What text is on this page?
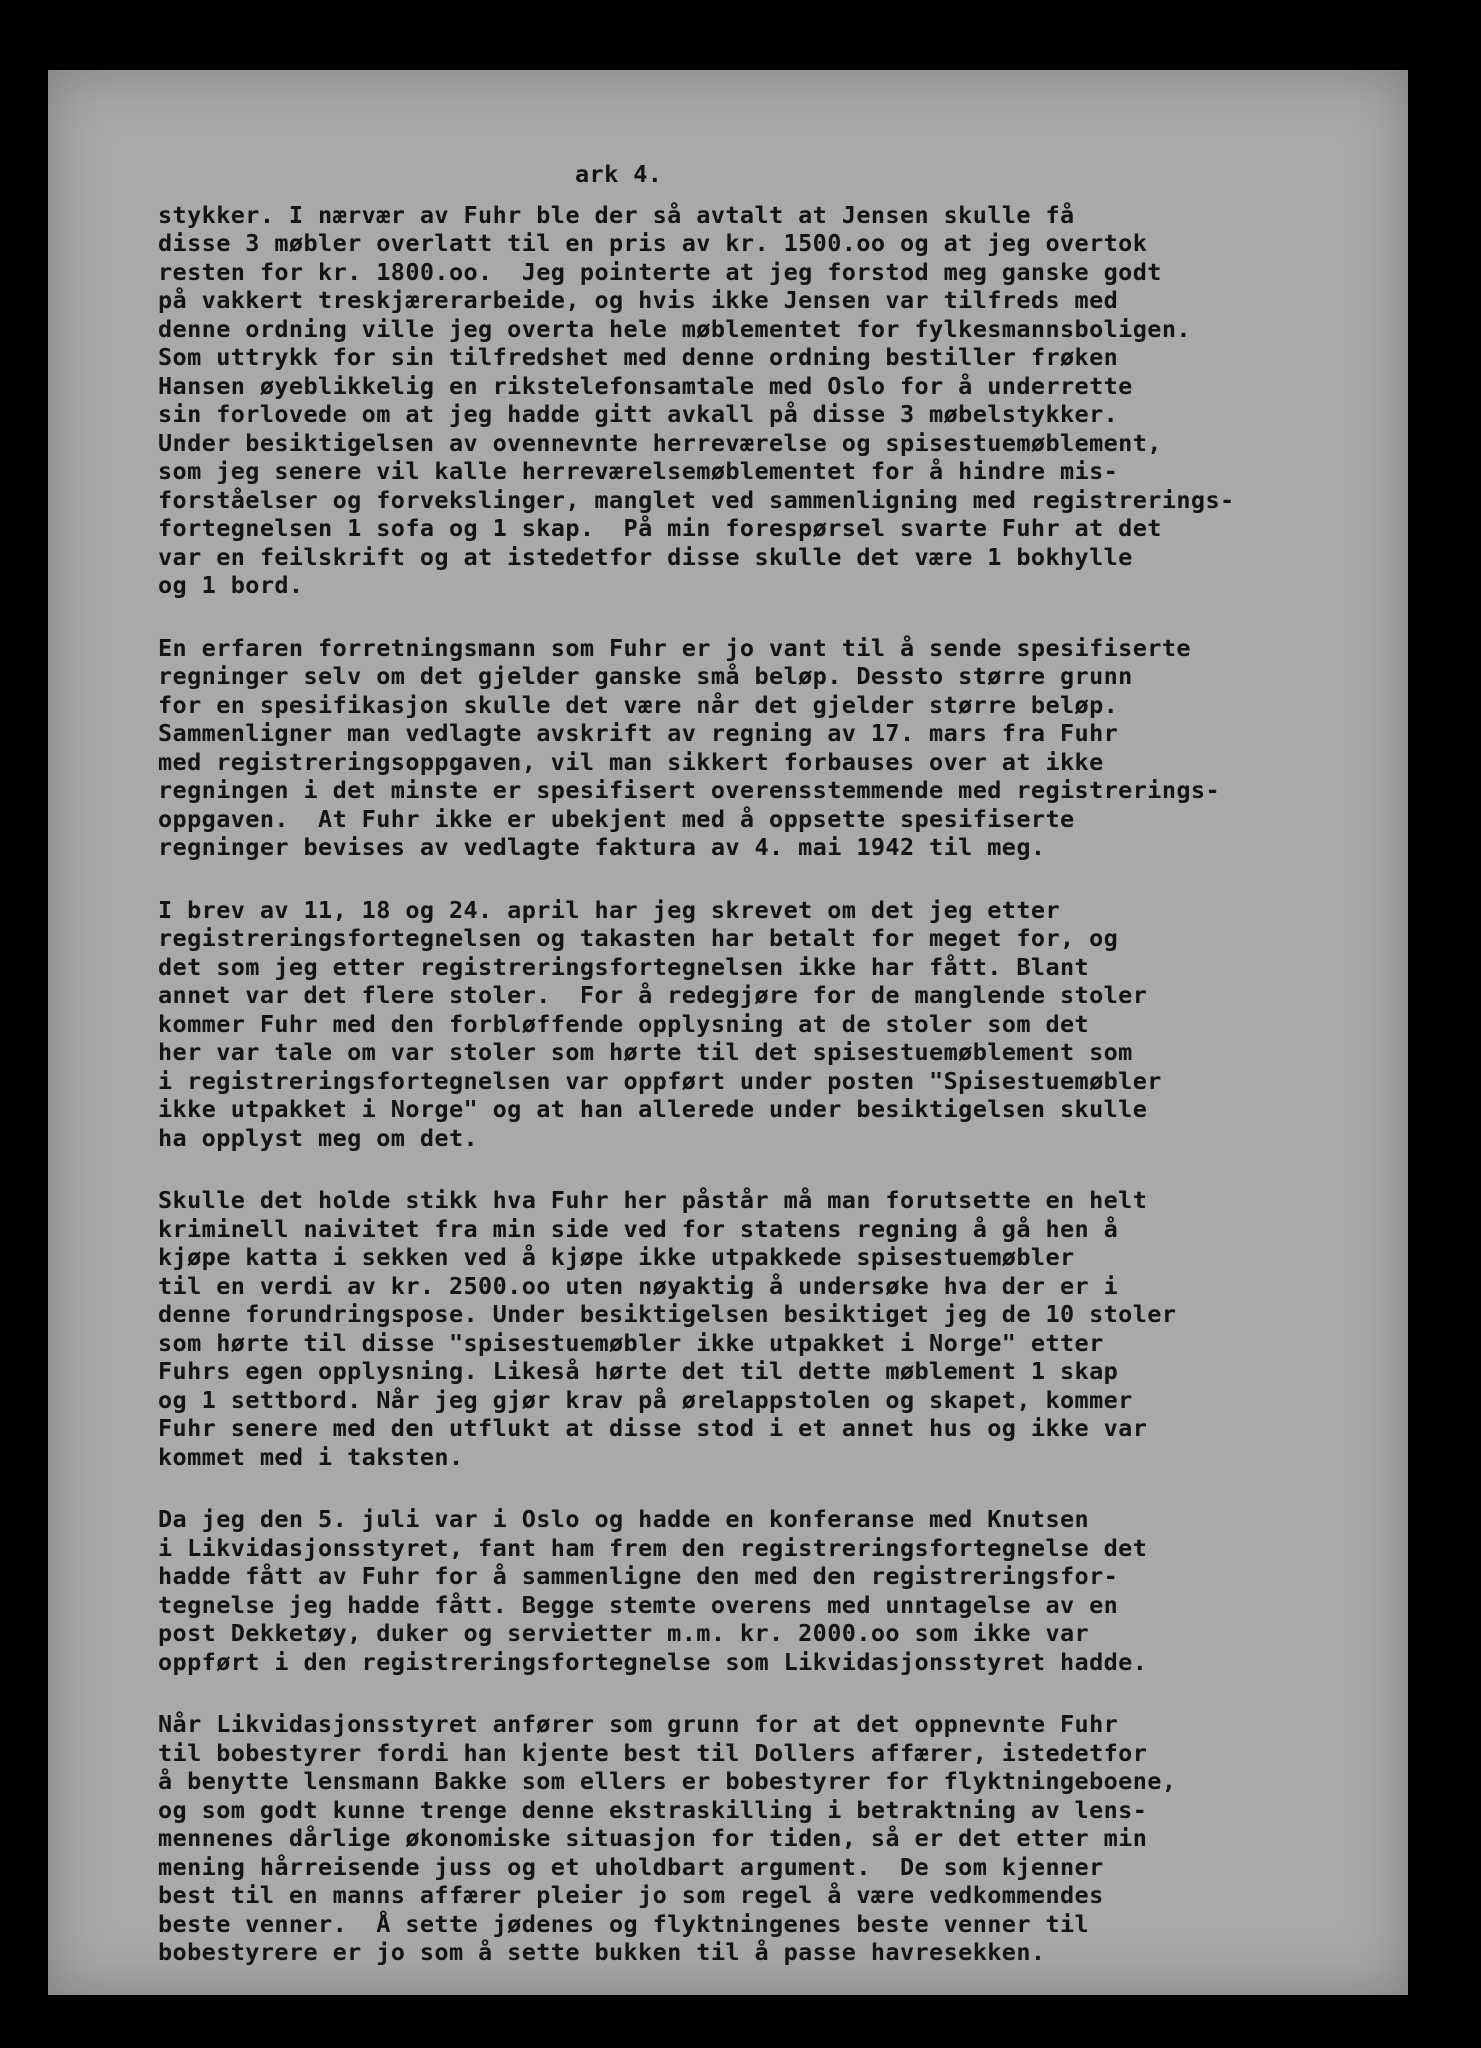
ark 4.
stykker. I nærvær av Fuhr ble der så avtalt at Jensen skulle få
disse 3 møbler overlatt til en pris av kr. 1500.oo og at jeg overtok
resten for kr. 1800.oo.  Jeg pointerte at jeg forstod meg ganske godt
på vakkert treskjærerarbeide, og hvis ikke Jensen var tilfreds med
denne ordning ville jeg overta hele møblementet for fylkesmannsboligen.
Som uttrykk for sin tilfredshet med denne ordning bestiller frøken
Hansen øyeblikkelig en rikstelefonsamtale med Oslo for å underrette
sin forlovede om at jeg hadde gitt avkall på disse 3 møbelstykker.
Under besiktigelsen av ovennevnte herreværelse og spisestuemøblement,
som jeg senere vil kalle herreværelsemøblementet for å hindre mis-
forståelser og forvekslinger, manglet ved sammenligning med registrerings-
fortegnelsen 1 sofa og 1 skap.  På min forespørsel svarte Fuhr at det
var en feilskrift og at istedetfor disse skulle det være 1 bokhylle
og 1 bord.
En erfaren forretningsmann som Fuhr er jo vant til å sende spesifiserte
regninger selv om det gjelder ganske små beløp. Dessto større grunn
for en spesifikasjon skulle det være når det gjelder større beløp.
Sammenligner man vedlagte avskrift av regning av 17. mars fra Fuhr
med registreringsoppgaven, vil man sikkert forbauses over at ikke
regningen i det minste er spesifisert overensstemmende med registrerings-
oppgaven.  At Fuhr ikke er ubekjent med å oppsette spesifiserte
regninger bevises av vedlagte faktura av 4. mai 1942 til meg.
I brev av 11, 18 og 24. april har jeg skrevet om det jeg etter
registreringsfortegnelsen og takasten har betalt for meget for, og
det som jeg etter registreringsfortegnelsen ikke har fått. Blant
annet var det flere stoler.  For å redegjøre for de manglende stoler
kommer Fuhr med den forbløffende opplysning at de stoler som det
her var tale om var stoler som hørte til det spisestuemøblement som
i registreringsfortegnelsen var oppført under posten "Spisestuemøbler
ikke utpakket i Norge" og at han allerede under besiktigelsen skulle
ha opplyst meg om det.
Skulle det holde stikk hva Fuhr her påstår må man forutsette en helt
kriminell naivitet fra min side ved for statens regning å gå hen å
kjøpe katta i sekken ved å kjøpe ikke utpakkede spisestuemøbler
til en verdi av kr. 2500.oo uten nøyaktig å undersøke hva der er i
denne forundringspose. Under besiktigelsen besiktiget jeg de 10 stoler
som hørte til disse "spisestuemøbler ikke utpakket i Norge" etter
Fuhrs egen opplysning. Likeså hørte det til dette møblement 1 skap
og 1 settbord. Når jeg gjør krav på ørelappstolen og skapet, kommer
Fuhr senere med den utflukt at disse stod i et annet hus og ikke var
kommet med i taksten.
Da jeg den 5. juli var i Oslo og hadde en konferanse med Knutsen
i Likvidasjonsstyret, fant ham frem den registreringsfortegnelse det
hadde fått av Fuhr for å sammenligne den med den registreringsfor-
tegnelse jeg hadde fått. Begge stemte overens med unntagelse av en
post Dekketøy, duker og servietter m.m. kr. 2000.oo som ikke var
oppført i den registreringsfortegnelse som Likvidasjonsstyret hadde.
Når Likvidasjonsstyret anfører som grunn for at det oppnevnte Fuhr
til bobestyrer fordi han kjente best til Dollers affærer, istedetfor
å benytte lensmann Bakke som ellers er bobestyrer for flyktningeboene,
og som godt kunne trenge denne ekstraskilling i betraktning av lens-
mennenes dårlige økonomiske situasjon for tiden, så er det etter min
mening hårreisende juss og et uholdbart argument.  De som kjenner
best til en manns affærer pleier jo som regel å være vedkommendes
beste venner.  Å sette jødenes og flyktningenes beste venner til
bobestyrere er jo som å sette bukken til å passe havresekken.
